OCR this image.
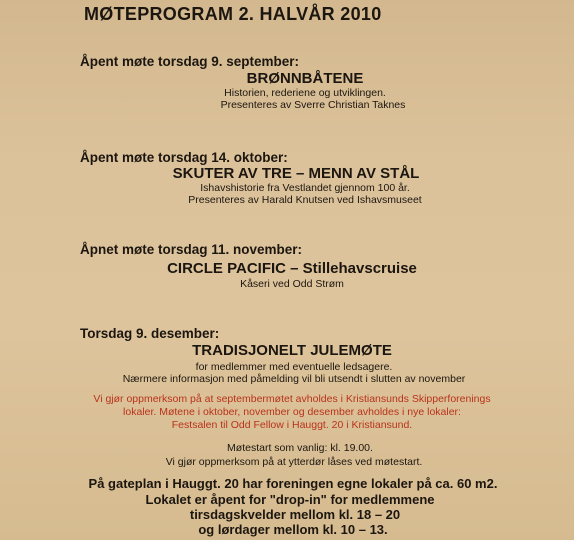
MØTEPROGRAM 2. HALVÅR 2010
Åpent møte torsdag 9. september:
BRØNNBÅTENE
Historien, rederiene og utviklingen.
Presenteres av Sverre Christian Taknes
Åpent møte torsdag 14. oktober:
SKUTER AV TRE – MENN AV STÅL
Ishavshistorie fra Vestlandet gjennom 100 år.
Presenteres av Harald Knutsen ved Ishavsmuseet
Åpnet møte torsdag 11. november:
CIRCLE PACIFIC – Stillehavscruise
Kåseri ved Odd Strøm
Torsdag 9. desember:
TRADISJONELT JULEMØTE
for medlemmer med eventuelle ledsagere.
Nærmere informasjon med påmelding vil bli utsendt i slutten av november
Vi gjør oppmerksom på at septembermøtet avholdes i Kristiansunds Skipperforenings
lokaler. Møtene i oktober, november og desember avholdes i nye lokaler:
Festsalen til Odd Fellow i Hauggt. 20 i Kristiansund.
Møtestart som vanlig: kl. 19.00.
Vi gjør oppmerksom på at ytterdør låses ved møtestart.
På gateplan i Hauggt. 20 har foreningen egne lokaler på ca. 60 m2.
Lokalet er åpent for "drop-in" for medlemmene
tirsdagskvelder mellom kl. 18 – 20
og lørdager mellom kl. 10 – 13.
